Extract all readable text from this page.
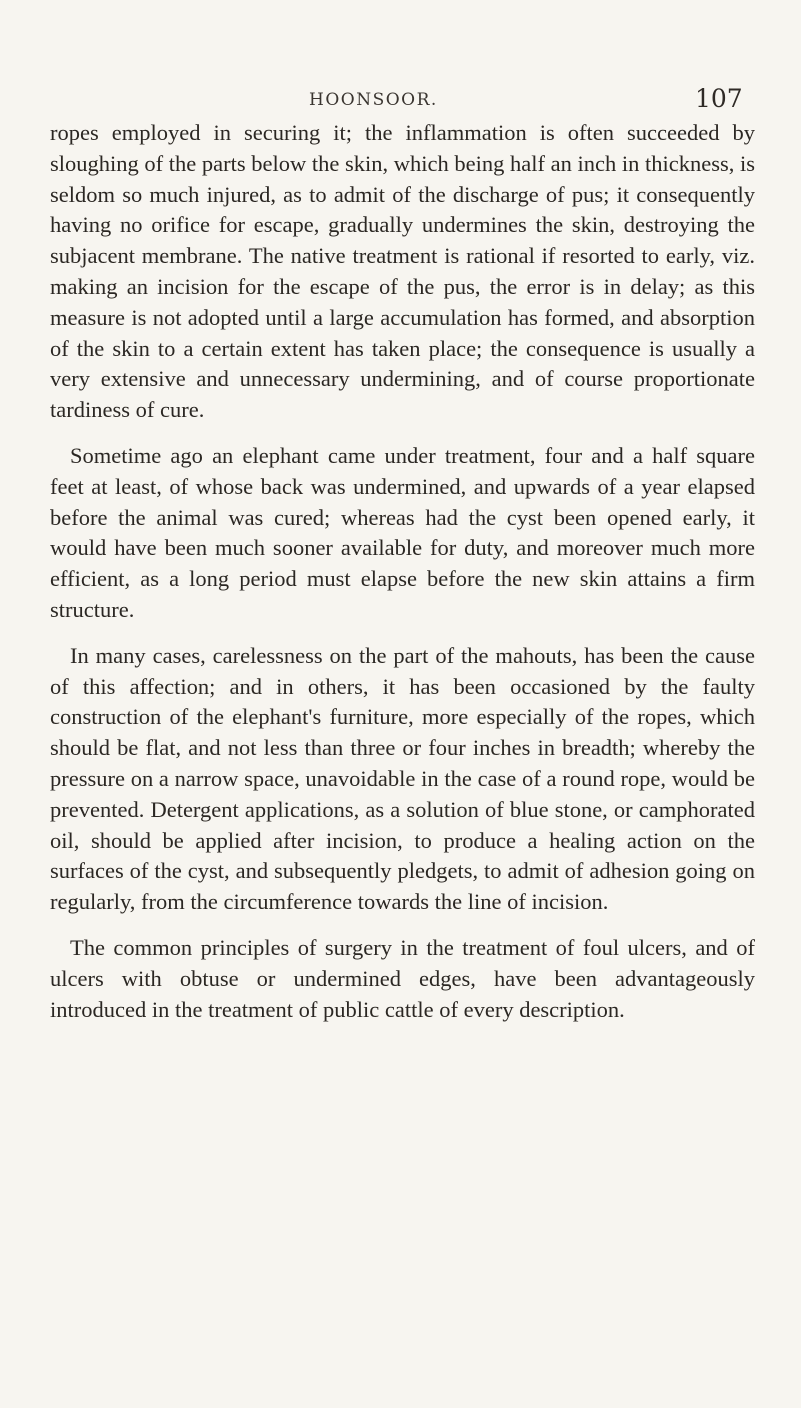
HOONSOOR.	107

ropes employed in securing it; the inflammation is often succeeded by sloughing of the parts below the skin, which being half an inch in thickness, is seldom so much injured, as to admit of the discharge of pus; it consequently having no orifice for escape, gradually undermines the skin, destroying the subjacent membrane. The native treatment is rational if resorted to early, viz. making an incision for the escape of the pus, the error is in delay; as this measure is not adopted until a large accumulation has formed, and absorption of the skin to a certain extent has taken place; the consequence is usually a very extensive and unnecessary undermining, and of course proportionate tardiness of cure.

Sometime ago an elephant came under treatment, four and a half square feet at least, of whose back was undermined, and upwards of a year elapsed before the animal was cured; whereas had the cyst been opened early, it would have been much sooner available for duty, and moreover much more efficient, as a long period must elapse before the new skin attains a firm structure.

In many cases, carelessness on the part of the mahouts, has been the cause of this affection; and in others, it has been occasioned by the faulty construction of the elephant's furniture, more especially of the ropes, which should be flat, and not less than three or four inches in breadth; whereby the pressure on a narrow space, unavoidable in the case of a round rope, would be prevented. Detergent applications, as a solution of blue stone, or camphorated oil, should be applied after incision, to produce a healing action on the surfaces of the cyst, and subsequently pledgets, to admit of adhesion going on regularly, from the circumference towards the line of incision.

The common principles of surgery in the treatment of foul ulcers, and of ulcers with obtuse or undermined edges, have been advantageously introduced in the treatment of public cattle of every description.
